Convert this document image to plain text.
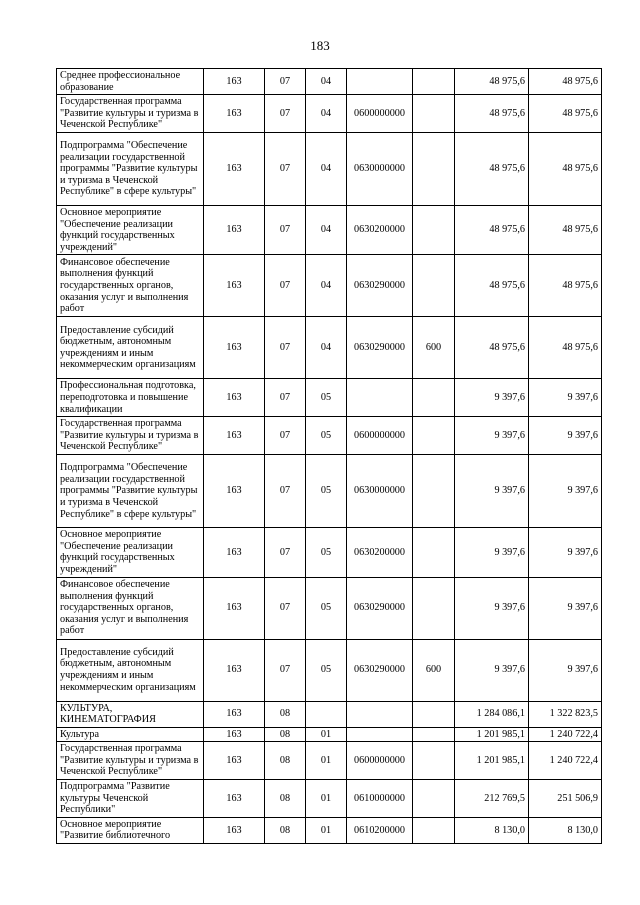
183
Среднее профессиональное образование	163	07	04			48 975,6	48 975,6
Государственная программа "Развитие культуры и туризма в Чеченской Республике"	163	07	04	0600000000		48 975,6	48 975,6
Подпрограмма "Обеспечение реализации государственной программы "Развитие культуры и туризма в Чеченской Республике" в сфере культуры"	163	07	04	0630000000		48 975,6	48 975,6
Основное мероприятие "Обеспечение реализации функций государственных учреждений"	163	07	04	0630200000		48 975,6	48 975,6
Финансовое обеспечение выполнения функций государственных органов, оказания услуг и выполнения работ	163	07	04	0630290000		48 975,6	48 975,6
Предоставление субсидий бюджетным, автономным учреждениям и иным некоммерческим организациям	163	07	04	0630290000	600	48 975,6	48 975,6
Профессиональная подготовка, переподготовка и повышение квалификации	163	07	05			9 397,6	9 397,6
Государственная программа "Развитие культуры и туризма в Чеченской Республике"	163	07	05	0600000000		9 397,6	9 397,6
Подпрограмма "Обеспечение реализации государственной программы "Развитие культуры и туризма в Чеченской Республике" в сфере культуры"	163	07	05	0630000000		9 397,6	9 397,6
Основное мероприятие "Обеспечение реализации функций государственных учреждений"	163	07	05	0630200000		9 397,6	9 397,6
Финансовое обеспечение выполнения функций государственных органов, оказания услуг и выполнения работ	163	07	05	0630290000		9 397,6	9 397,6
Предоставление субсидий бюджетным, автономным учреждениям и иным некоммерческим организациям	163	07	05	0630290000	600	9 397,6	9 397,6
КУЛЬТУРА, КИНЕМАТОГРАФИЯ	163	08				1 284 086,1	1 322 823,5
Культура	163	08	01			1 201 985,1	1 240 722,4
Государственная программа "Развитие культуры и туризма в Чеченской Республике"	163	08	01	0600000000		1 201 985,1	1 240 722,4
Подпрограмма "Развитие культуры Чеченской Республики"	163	08	01	0610000000		212 769,5	251 506,9
Основное мероприятие "Развитие библиотечного	163	08	01	0610200000		8 130,0	8 130,0
